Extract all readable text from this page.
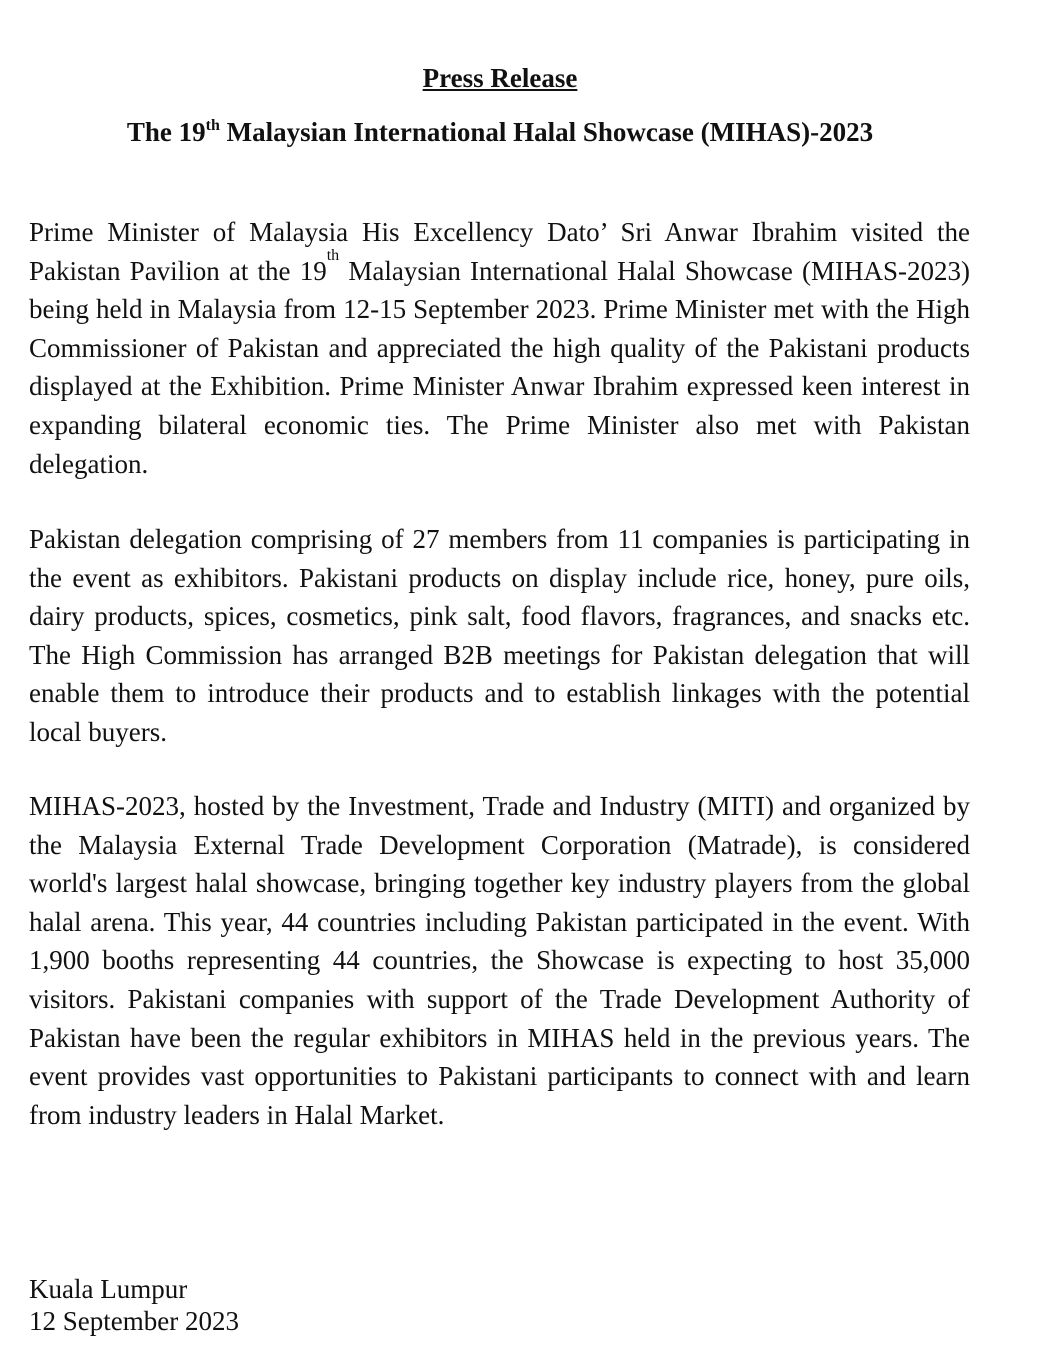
Press Release
The 19th Malaysian International Halal Showcase (MIHAS)-2023

Prime Minister of Malaysia His Excellency Dato’ Sri Anwar Ibrahim visited the Pakistan Pavilion at the 19th Malaysian International Halal Showcase (MIHAS-2023) being held in Malaysia from 12-15 September 2023. Prime Minister met with the High Commissioner of Pakistan and appreciated the high quality of the Pakistani products displayed at the Exhibition. Prime Minister Anwar Ibrahim expressed keen interest in expanding bilateral economic ties. The Prime Minister also met with Pakistan delegation.

Pakistan delegation comprising of 27 members from 11 companies is participating in the event as exhibitors. Pakistani products on display include rice, honey, pure oils, dairy products, spices, cosmetics, pink salt, food flavors, fragrances, and snacks etc. The High Commission has arranged B2B meetings for Pakistan delegation that will enable them to introduce their products and to establish linkages with the potential local buyers.

MIHAS-2023, hosted by the Investment, Trade and Industry (MITI) and organized by the Malaysia External Trade Development Corporation (Matrade), is considered world's largest halal showcase, bringing together key industry players from the global halal arena. This year, 44 countries including Pakistan participated in the event. With 1,900 booths representing 44 countries, the Showcase is expecting to host 35,000 visitors. Pakistani companies with support of the Trade Development Authority of Pakistan have been the regular exhibitors in MIHAS held in the previous years. The event provides vast opportunities to Pakistani participants to connect with and learn from industry leaders in Halal Market.

Kuala Lumpur

12 September 2023
